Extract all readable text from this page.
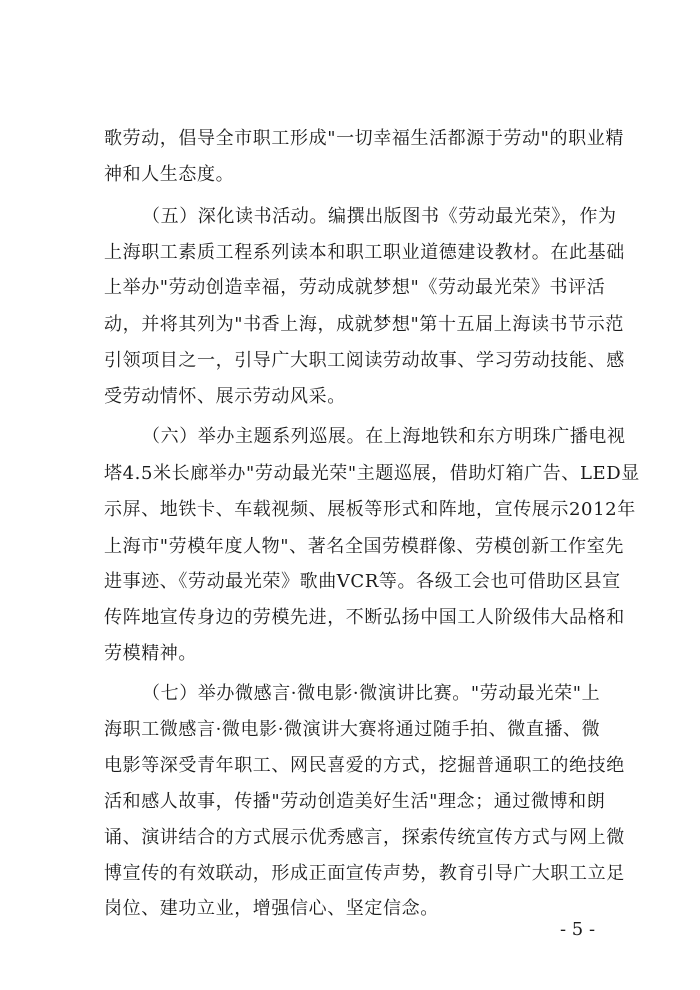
歌劳动，倡导全市职工形成"一切幸福生活都源于劳动"的职业精
神和人生态度。
（五）深化读书活动。编撰出版图书《劳动最光荣》，作为
上海职工素质工程系列读本和职工职业道德建设教材。在此基础
上举办"劳动创造幸福，劳动成就梦想"《劳动最光荣》书评活
动，并将其列为"书香上海，成就梦想"第十五届上海读书节示范
引领项目之一，引导广大职工阅读劳动故事、学习劳动技能、感
受劳动情怀、展示劳动风采。
（六）举办主题系列巡展。在上海地铁和东方明珠广播电视
塔4.5米长廊举办"劳动最光荣"主题巡展，借助灯箱广告、LED显
示屏、地铁卡、车载视频、展板等形式和阵地，宣传展示2012年
上海市"劳模年度人物"、著名全国劳模群像、劳模创新工作室先
进事迹、《劳动最光荣》歌曲VCR等。各级工会也可借助区县宣
传阵地宣传身边的劳模先进，不断弘扬中国工人阶级伟大品格和
劳模精神。
（七）举办微感言·微电影·微演讲比赛。"劳动最光荣"上
海职工微感言·微电影·微演讲大赛将通过随手拍、微直播、微
电影等深受青年职工、网民喜爱的方式，挖掘普通职工的绝技绝
活和感人故事，传播"劳动创造美好生活"理念；通过微博和朗
诵、演讲结合的方式展示优秀感言，探索传统宣传方式与网上微
博宣传的有效联动，形成正面宣传声势，教育引导广大职工立足
岗位、建功立业，增强信心、坚定信念。
- 5 -
